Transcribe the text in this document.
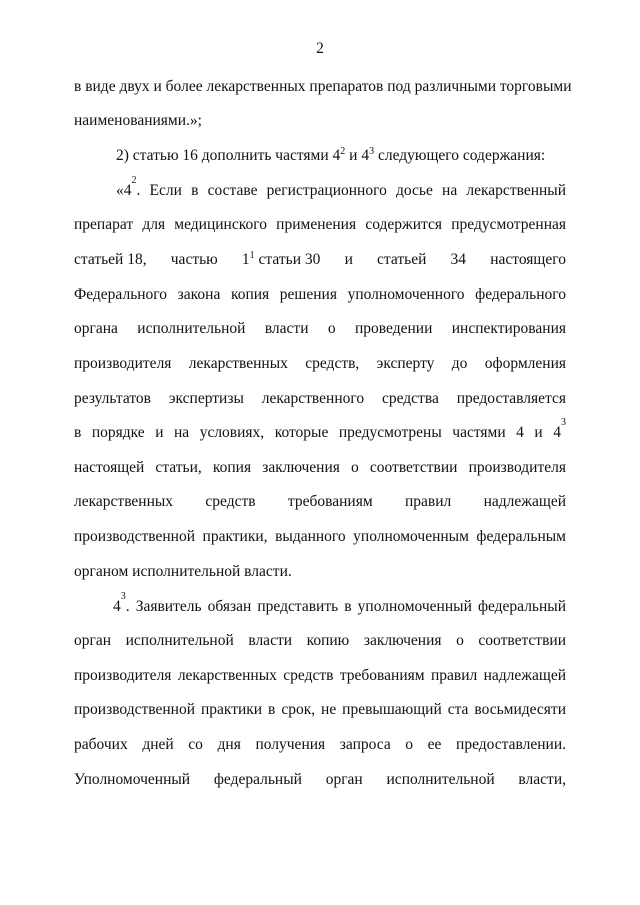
2
в виде двух и более лекарственных препаратов под различными торговыми
наименованиями.»;
2) статью 16 дополнить частями $4^2$ и $4^3$ следующего содержания:
«4
2
. Если в составе регистрационного досье на лекарственный
препарат для медицинского применения содержится предусмотренная
статьей 18, частью $1^1$ статьи 30 и статьей 34 настоящего
Федерального закона копия решения уполномоченного федерального
органа исполнительной власти о проведении инспектирования
производителя лекарственных средств, эксперту до оформления
результатов экспертизы лекарственного средства предоставляется
в порядке и на условиях, которые предусмотрены частями 4 и 4
3
настоящей статьи, копия заключения о соответствии производителя
лекарственных средств требованиям правил надлежащей
производственной практики, выданного уполномоченным федеральным
органом исполнительной власти.
4
3
. Заявитель обязан представить в уполномоченный федеральный
орган исполнительной власти копию заключения о соответствии
производителя лекарственных средств требованиям правил надлежащей
производственной практики в срок, не превышающий ста восьмидесяти
рабочих дней со дня получения запроса о ее предоставлении.
Уполномоченный федеральный орган исполнительной власти,
